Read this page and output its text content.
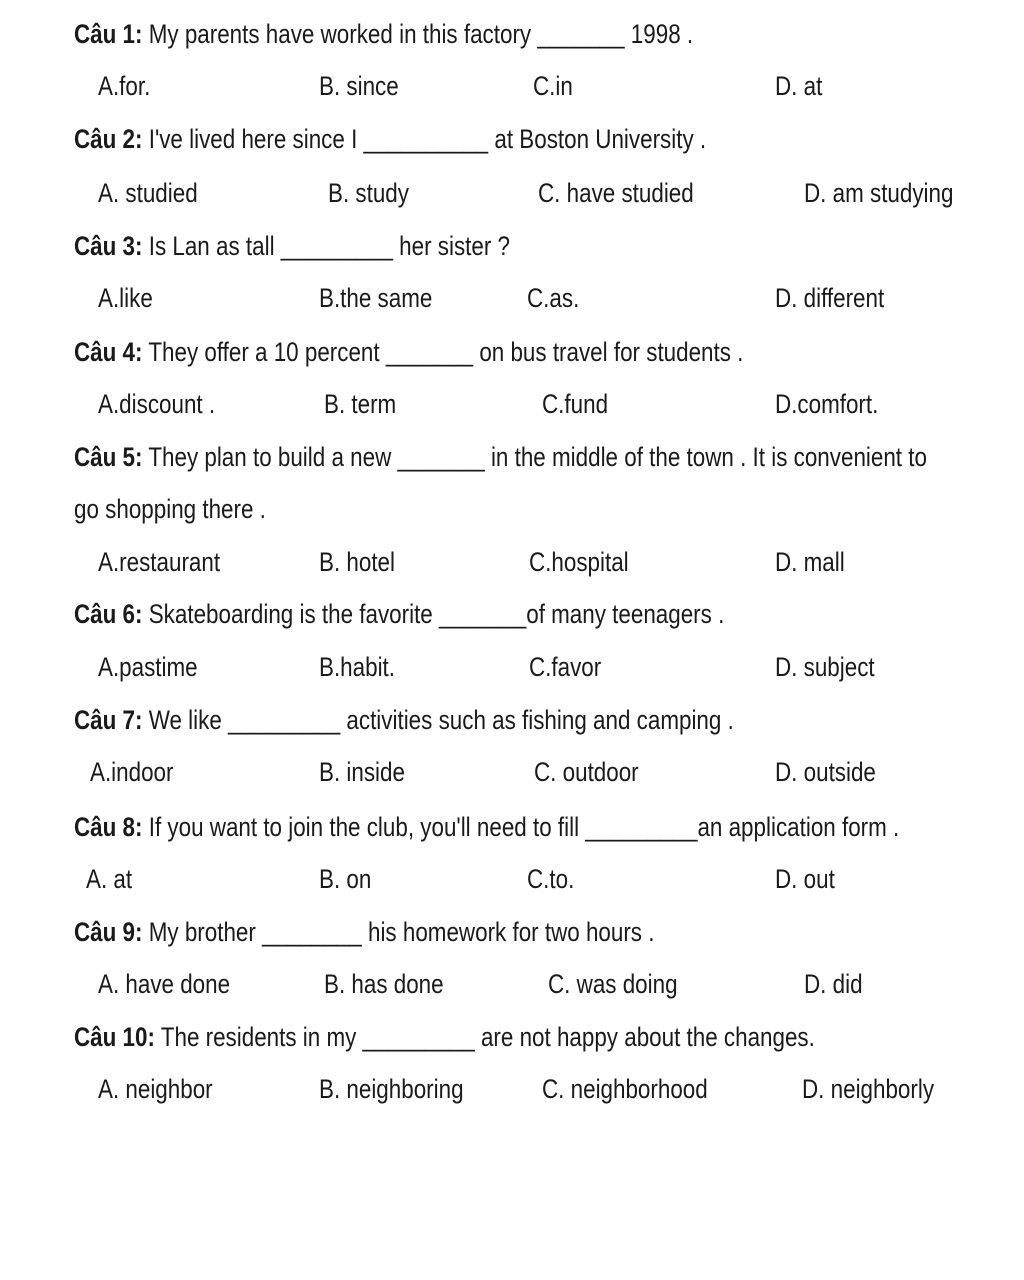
Câu 1: My parents have worked in this factory _______ 1998 .
A.for.	B. since	C.in	D. at
Câu 2: I've lived here since I __________ at Boston University .
A. studied	B. study	C. have studied	D. am studying
Câu 3: Is Lan as tall _________ her sister ?
A.like	B.the same	C.as.	D. different
Câu 4: They offer a 10 percent _______ on bus travel for students .
A.discount .	B. term	C.fund	D.comfort.
Câu 5: They plan to build a new _______ in the middle of the town . It is convenient to
go shopping there .
A.restaurant	B. hotel	C.hospital	D. mall
Câu 6: Skateboarding is the favorite _______of many teenagers .
A.pastime	B.habit.	C.favor	D. subject
Câu 7: We like _________ activities such as fishing and camping .
A.indoor	B. inside	C. outdoor	D. outside
Câu 8: If you want to join the club, you'll need to fill _________an application form .
A. at	B. on	C.to.	D. out
Câu 9: My brother ________ his homework for two hours .
A. have done	B. has done	C. was doing	D. did
Câu 10: The residents in my _________ are not happy about the changes.
A. neighbor	B. neighboring	C. neighborhood	D. neighborly
